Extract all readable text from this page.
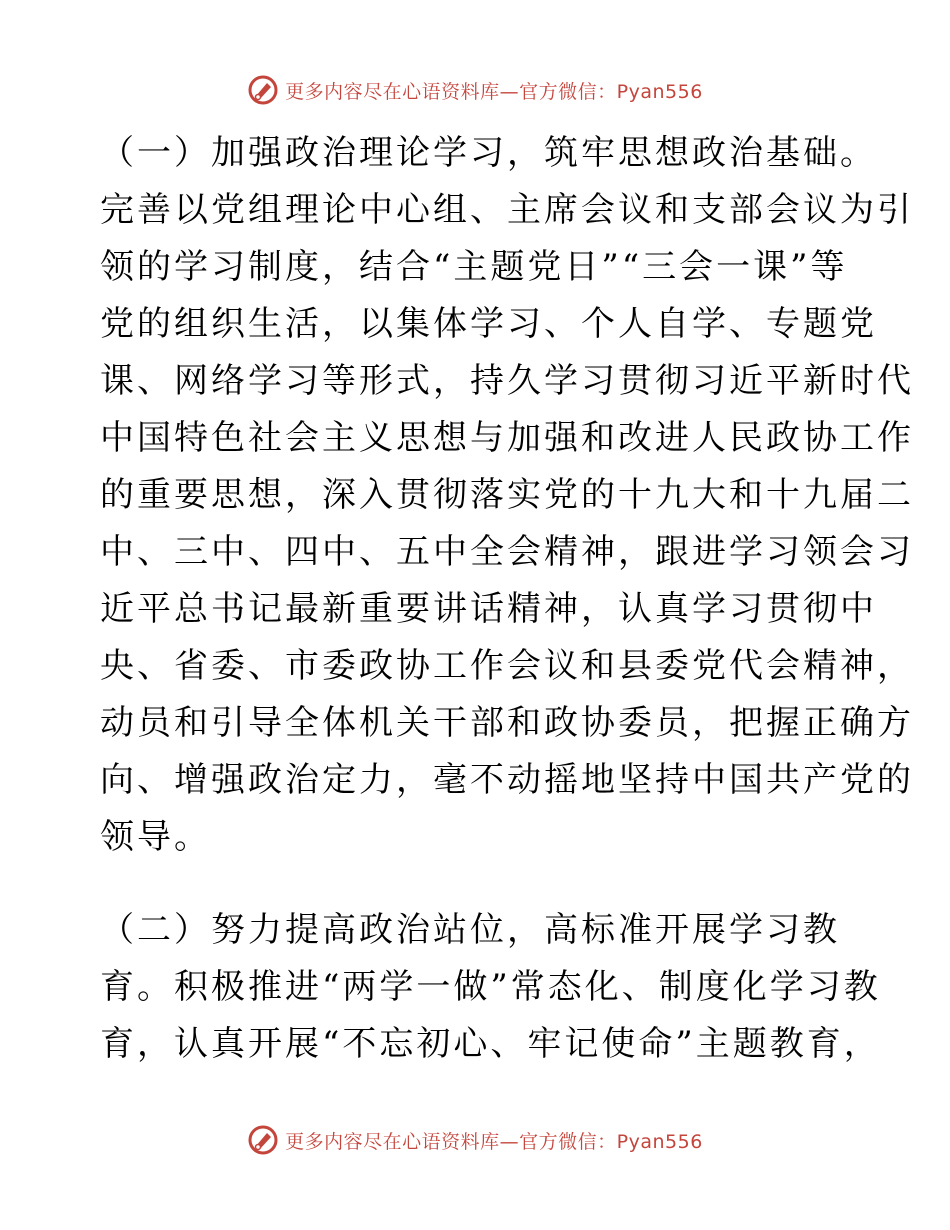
更多内容尽在心语资料库—官方微信：Pyan556

（一）加强政治理论学习，筑牢思想政治基础。
完善以党组理论中心组、主席会议和支部会议为引
领的学习制度，结合“主题党日”“三会一课”等
党的组织生活，以集体学习、个人自学、专题党
课、网络学习等形式，持久学习贯彻习近平新时代
中国特色社会主义思想与加强和改进人民政协工作
的重要思想，深入贯彻落实党的十九大和十九届二
中、三中、四中、五中全会精神，跟进学习领会习
近平总书记最新重要讲话精神，认真学习贯彻中
央、省委、市委政协工作会议和县委党代会精神，
动员和引导全体机关干部和政协委员，把握正确方
向、增强政治定力，毫不动摇地坚持中国共产党的
领导。

（二）努力提高政治站位，高标准开展学习教
育。积极推进“两学一做”常态化、制度化学习教
育，认真开展“不忘初心、牢记使命”主题教育，

更多内容尽在心语资料库—官方微信：Pyan556
